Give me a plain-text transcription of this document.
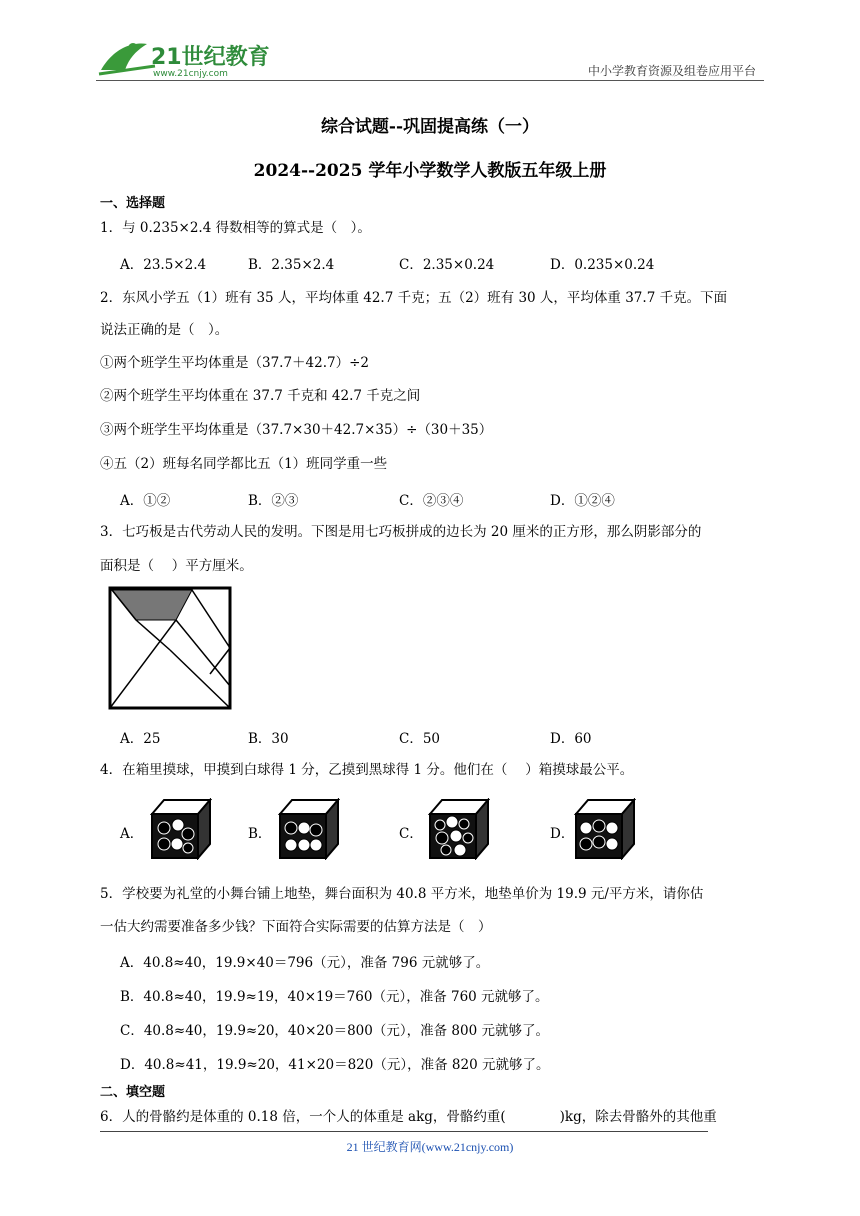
21世纪教育
www.21cnjy.com	中小学教育资源及组卷应用平台
综合试题--巩固提高练（一）
2024--2025 学年小学数学人教版五年级上册
一、选择题
1．与 0.235×2.4 得数相等的算式是（　）。
A．23.5×2.4	B．2.35×2.4	C．2.35×0.24	D．0.235×0.24
2．东风小学五（1）班有 35 人，平均体重 42.7 千克；五（2）班有 30 人，平均体重 37.7 千克。下面
说法正确的是（　）。
①两个班学生平均体重是（37.7＋42.7）÷2
②两个班学生平均体重在 37.7 千克和 42.7 千克之间
③两个班学生平均体重是（37.7×30＋42.7×35）÷（30＋35）
④五（2）班每名同学都比五（1）班同学重一些
A．①②	B．②③	C．②③④	D．①②④
3．七巧板是古代劳动人民的发明。下图是用七巧板拼成的边长为 20 厘米的正方形，那么阴影部分的
面积是（　 ）平方厘米。
A．25	B．30	C．50	D．60
4．在箱里摸球，甲摸到白球得 1 分，乙摸到黑球得 1 分。他们在（　 ）箱摸球最公平。
A．	B．	C．	D．
5．学校要为礼堂的小舞台铺上地垫，舞台面积为 40.8 平方米，地垫单价为 19.9 元/平方米，请你估
一估大约需要准备多少钱？下面符合实际需要的估算方法是（　）
A．40.8≈40，19.9×40＝796（元），准备 796 元就够了。
B．40.8≈40，19.9≈19，40×19＝760（元），准备 760 元就够了。
C．40.8≈40，19.9≈20，40×20＝800（元），准备 800 元就够了。
D．40.8≈41，19.9≈20，41×20＝820（元），准备 820 元就够了。
二、填空题
6．人的骨骼约是体重的 0.18 倍，一个人的体重是 akg，骨骼约重(　　　　)kg，除去骨骼外的其他重
21 世纪教育网(www.21cnjy.com)
